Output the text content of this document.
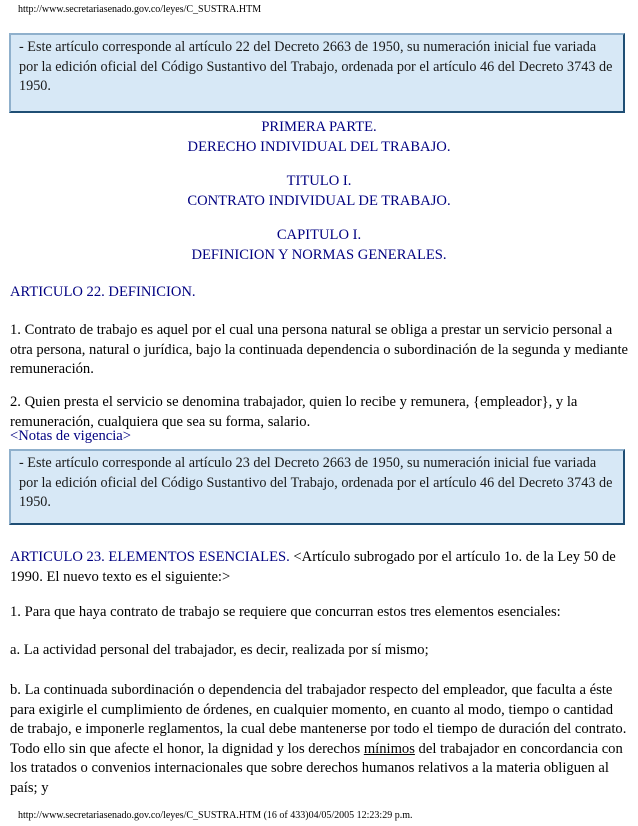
http://www.secretariasenado.gov.co/leyes/C_SUSTRA.HTM
- Este artículo corresponde al artículo 22 del Decreto 2663 de 1950, su numeración inicial fue variada por la edición oficial del Código Sustantivo del Trabajo, ordenada por el artículo 46 del Decreto 3743 de 1950.
PRIMERA PARTE.
DERECHO INDIVIDUAL DEL TRABAJO.
TITULO I.
CONTRATO INDIVIDUAL DE TRABAJO.
CAPITULO I.
DEFINICION Y NORMAS GENERALES.
ARTICULO 22. DEFINICION.
1. Contrato de trabajo es aquel por el cual una persona natural se obliga a prestar un servicio personal a otra persona, natural o jurídica, bajo la continuada dependencia o subordinación de la segunda y mediante remuneración.
2. Quien presta el servicio se denomina trabajador, quien lo recibe y remunera, {empleador}, y la remuneración, cualquiera que sea su forma, salario.
<Notas de vigencia>
- Este artículo corresponde al artículo 23 del Decreto 2663 de 1950, su numeración inicial fue variada por la edición oficial del Código Sustantivo del Trabajo, ordenada por el artículo 46 del Decreto 3743 de 1950.
ARTICULO 23. ELEMENTOS ESENCIALES. <Artículo subrogado por el artículo 1o. de la Ley 50 de 1990. El nuevo texto es el siguiente:>
1. Para que haya contrato de trabajo se requiere que concurran estos tres elementos esenciales:
a. La actividad personal del trabajador, es decir, realizada por sí mismo;
b. La continuada subordinación o dependencia del trabajador respecto del empleador, que faculta a éste para exigirle el cumplimiento de órdenes, en cualquier momento, en cuanto al modo, tiempo o cantidad de trabajo, e imponerle reglamentos, la cual debe mantenerse por todo el tiempo de duración del contrato. Todo ello sin que afecte el honor, la dignidad y los derechos mínimos del trabajador en concordancia con los tratados o convenios internacionales que sobre derechos humanos relativos a la materia obliguen al país; y
http://www.secretariasenado.gov.co/leyes/C_SUSTRA.HTM (16 of 433)04/05/2005 12:23:29 p.m.
